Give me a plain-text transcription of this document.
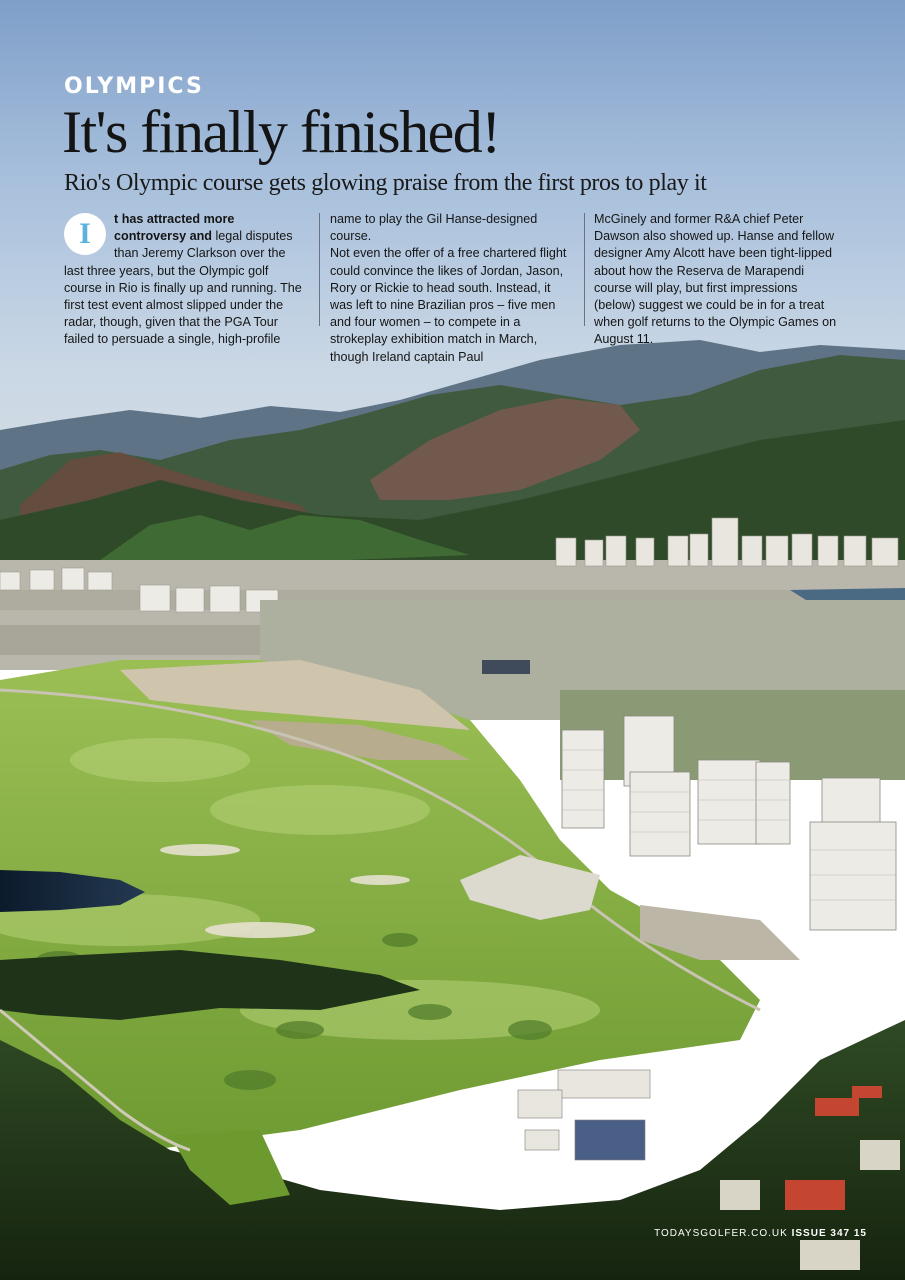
OLYMPICS
It's finally finished!

Rio's Olympic course gets glowing praise from the first pros to play it

I	t has attracted more controversy and legal disputes than Jeremy Clarkson over the last three years, but the Olympic golf course in Rio is finally up and running. The first test event almost slipped under the radar, though, given that the PGA Tour failed to persuade a single, high-profile

name to play the Gil Hanse-designed course.
Not even the offer of a free chartered flight could convince the likes of Jordan, Jason, Rory or Rickie to head south. Instead, it was left to nine Brazilian pros – five men and four women – to compete in a strokeplay exhibition match in March, though Ireland captain Paul

McGinely and former R&A chief Peter Dawson also showed up. Hanse and fellow designer Amy Alcott have been tight-lipped about how the Reserva de Marapendi course will play, but first impressions (below) suggest we could be in for a treat when golf returns to the Olympic Games on August 11.

TODAYSGOLFER.CO.UK ISSUE 347 15
